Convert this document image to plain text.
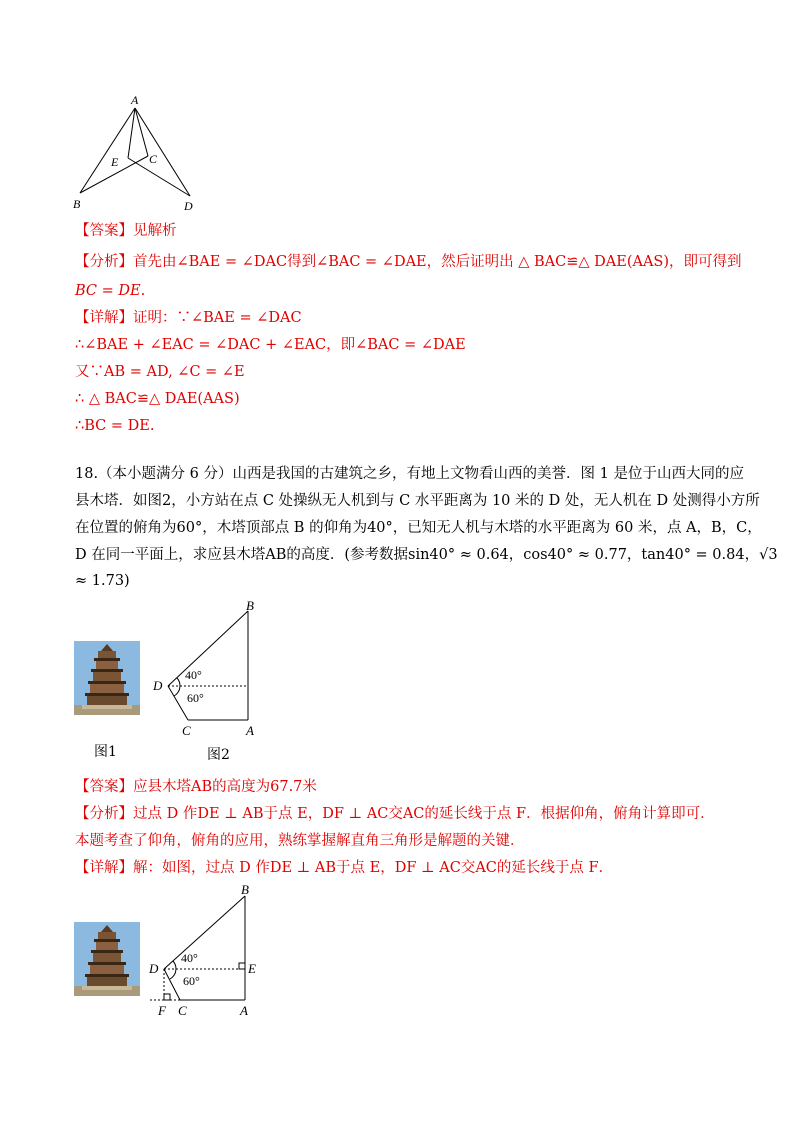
A
B
E	C
D
【答案】见解析
【分析】首先由∠BAE = ∠DAC得到∠BAC = ∠DAE，然后证明出 △ BAC≌△ DAE(AAS)，即可得到
BC = DE.
【详解】证明：∵∠BAE = ∠DAC
∴∠BAE + ∠EAC = ∠DAC + ∠EAC，即∠BAC = ∠DAE
又∵AB = AD, ∠C = ∠E
∴ △ BAC≌△ DAE(AAS)
∴BC = DE.
18.（本小题满分 6 分）山西是我国的古建筑之乡，有地上文物看山西的美誉．图 1 是位于山西大同的应
县木塔．如图2，小方站在点 C 处操纵无人机到与 C 水平距离为 10 米的 D 处，无人机在 D 处测得小方所
在位置的俯角为60°，木塔顶部点 B 的仰角为40°，已知无人机与木塔的水平距离为 60 米，点 A，B，C，
D 在同一平面上，求应县木塔AB的高度．(参考数据sin40° ≈ 0.64，cos40° ≈ 0.77，tan40° = 0.84，√3
≈ 1.73)
图1
B
D
A
C
40°
60°
图2
【答案】应县木塔AB的高度为67.7米
【分析】过点 D 作DE ⊥ AB于点 E，DF ⊥ AC交AC的延长线于点 F．根据仰角，俯角计算即可．
本题考查了仰角，俯角的应用，熟练掌握解直角三角形是解题的关键．
【详解】解：如图，过点 D 作DE ⊥ AB于点 E，DF ⊥ AC交AC的延长线于点 F．
B
D	E
F C	A
40°
60°
